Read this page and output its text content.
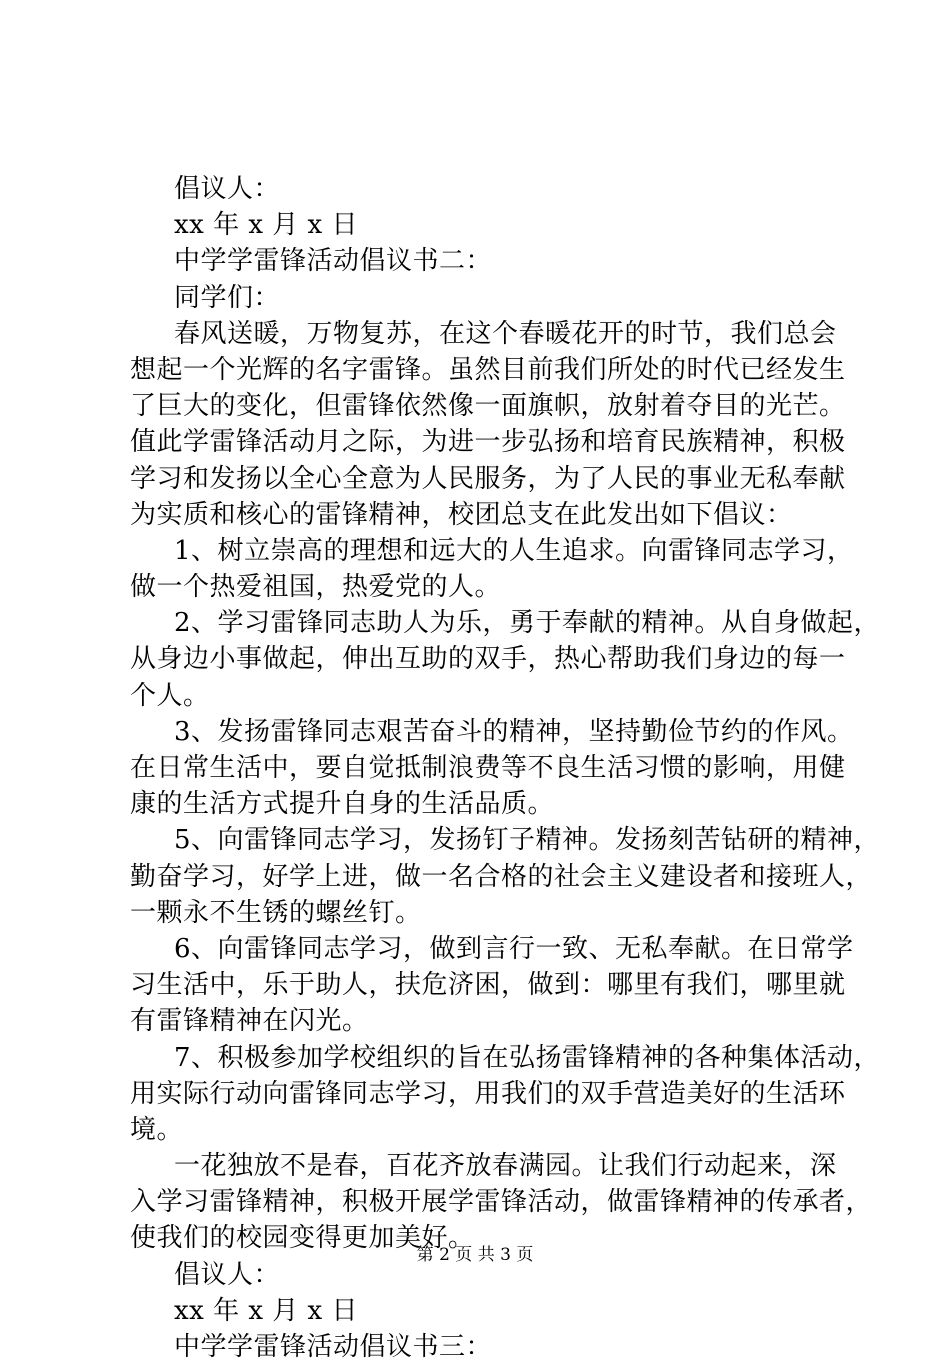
倡议人：
xx 年 x 月 x 日
中学学雷锋活动倡议书二：
同学们：
春风送暖，万物复苏，在这个春暖花开的时节，我们总会
想起一个光辉的名字雷锋。虽然目前我们所处的时代已经发生
了巨大的变化，但雷锋依然像一面旗帜，放射着夺目的光芒。
值此学雷锋活动月之际，为进一步弘扬和培育民族精神，积极
学习和发扬以全心全意为人民服务，为了人民的事业无私奉献
为实质和核心的雷锋精神，校团总支在此发出如下倡议：
1、树立崇高的理想和远大的人生追求。向雷锋同志学习，
做一个热爱祖国，热爱党的人。
2、学习雷锋同志助人为乐，勇于奉献的精神。从自身做起，
从身边小事做起，伸出互助的双手，热心帮助我们身边的每一
个人。
3、发扬雷锋同志艰苦奋斗的精神，坚持勤俭节约的作风。
在日常生活中，要自觉抵制浪费等不良生活习惯的影响，用健
康的生活方式提升自身的生活品质。
5、向雷锋同志学习，发扬钉子精神。发扬刻苦钻研的精神，
勤奋学习，好学上进，做一名合格的社会主义建设者和接班人，
一颗永不生锈的螺丝钉。
6、向雷锋同志学习，做到言行一致、无私奉献。在日常学
习生活中，乐于助人，扶危济困，做到：哪里有我们，哪里就
有雷锋精神在闪光。
7、积极参加学校组织的旨在弘扬雷锋精神的各种集体活动，
用实际行动向雷锋同志学习，用我们的双手营造美好的生活环
境。
一花独放不是春，百花齐放春满园。让我们行动起来，深
入学习雷锋精神，积极开展学雷锋活动，做雷锋精神的传承者，
使我们的校园变得更加美好。
倡议人：
xx 年 x 月 x 日
中学学雷锋活动倡议书三：
第 2 页 共 3 页
